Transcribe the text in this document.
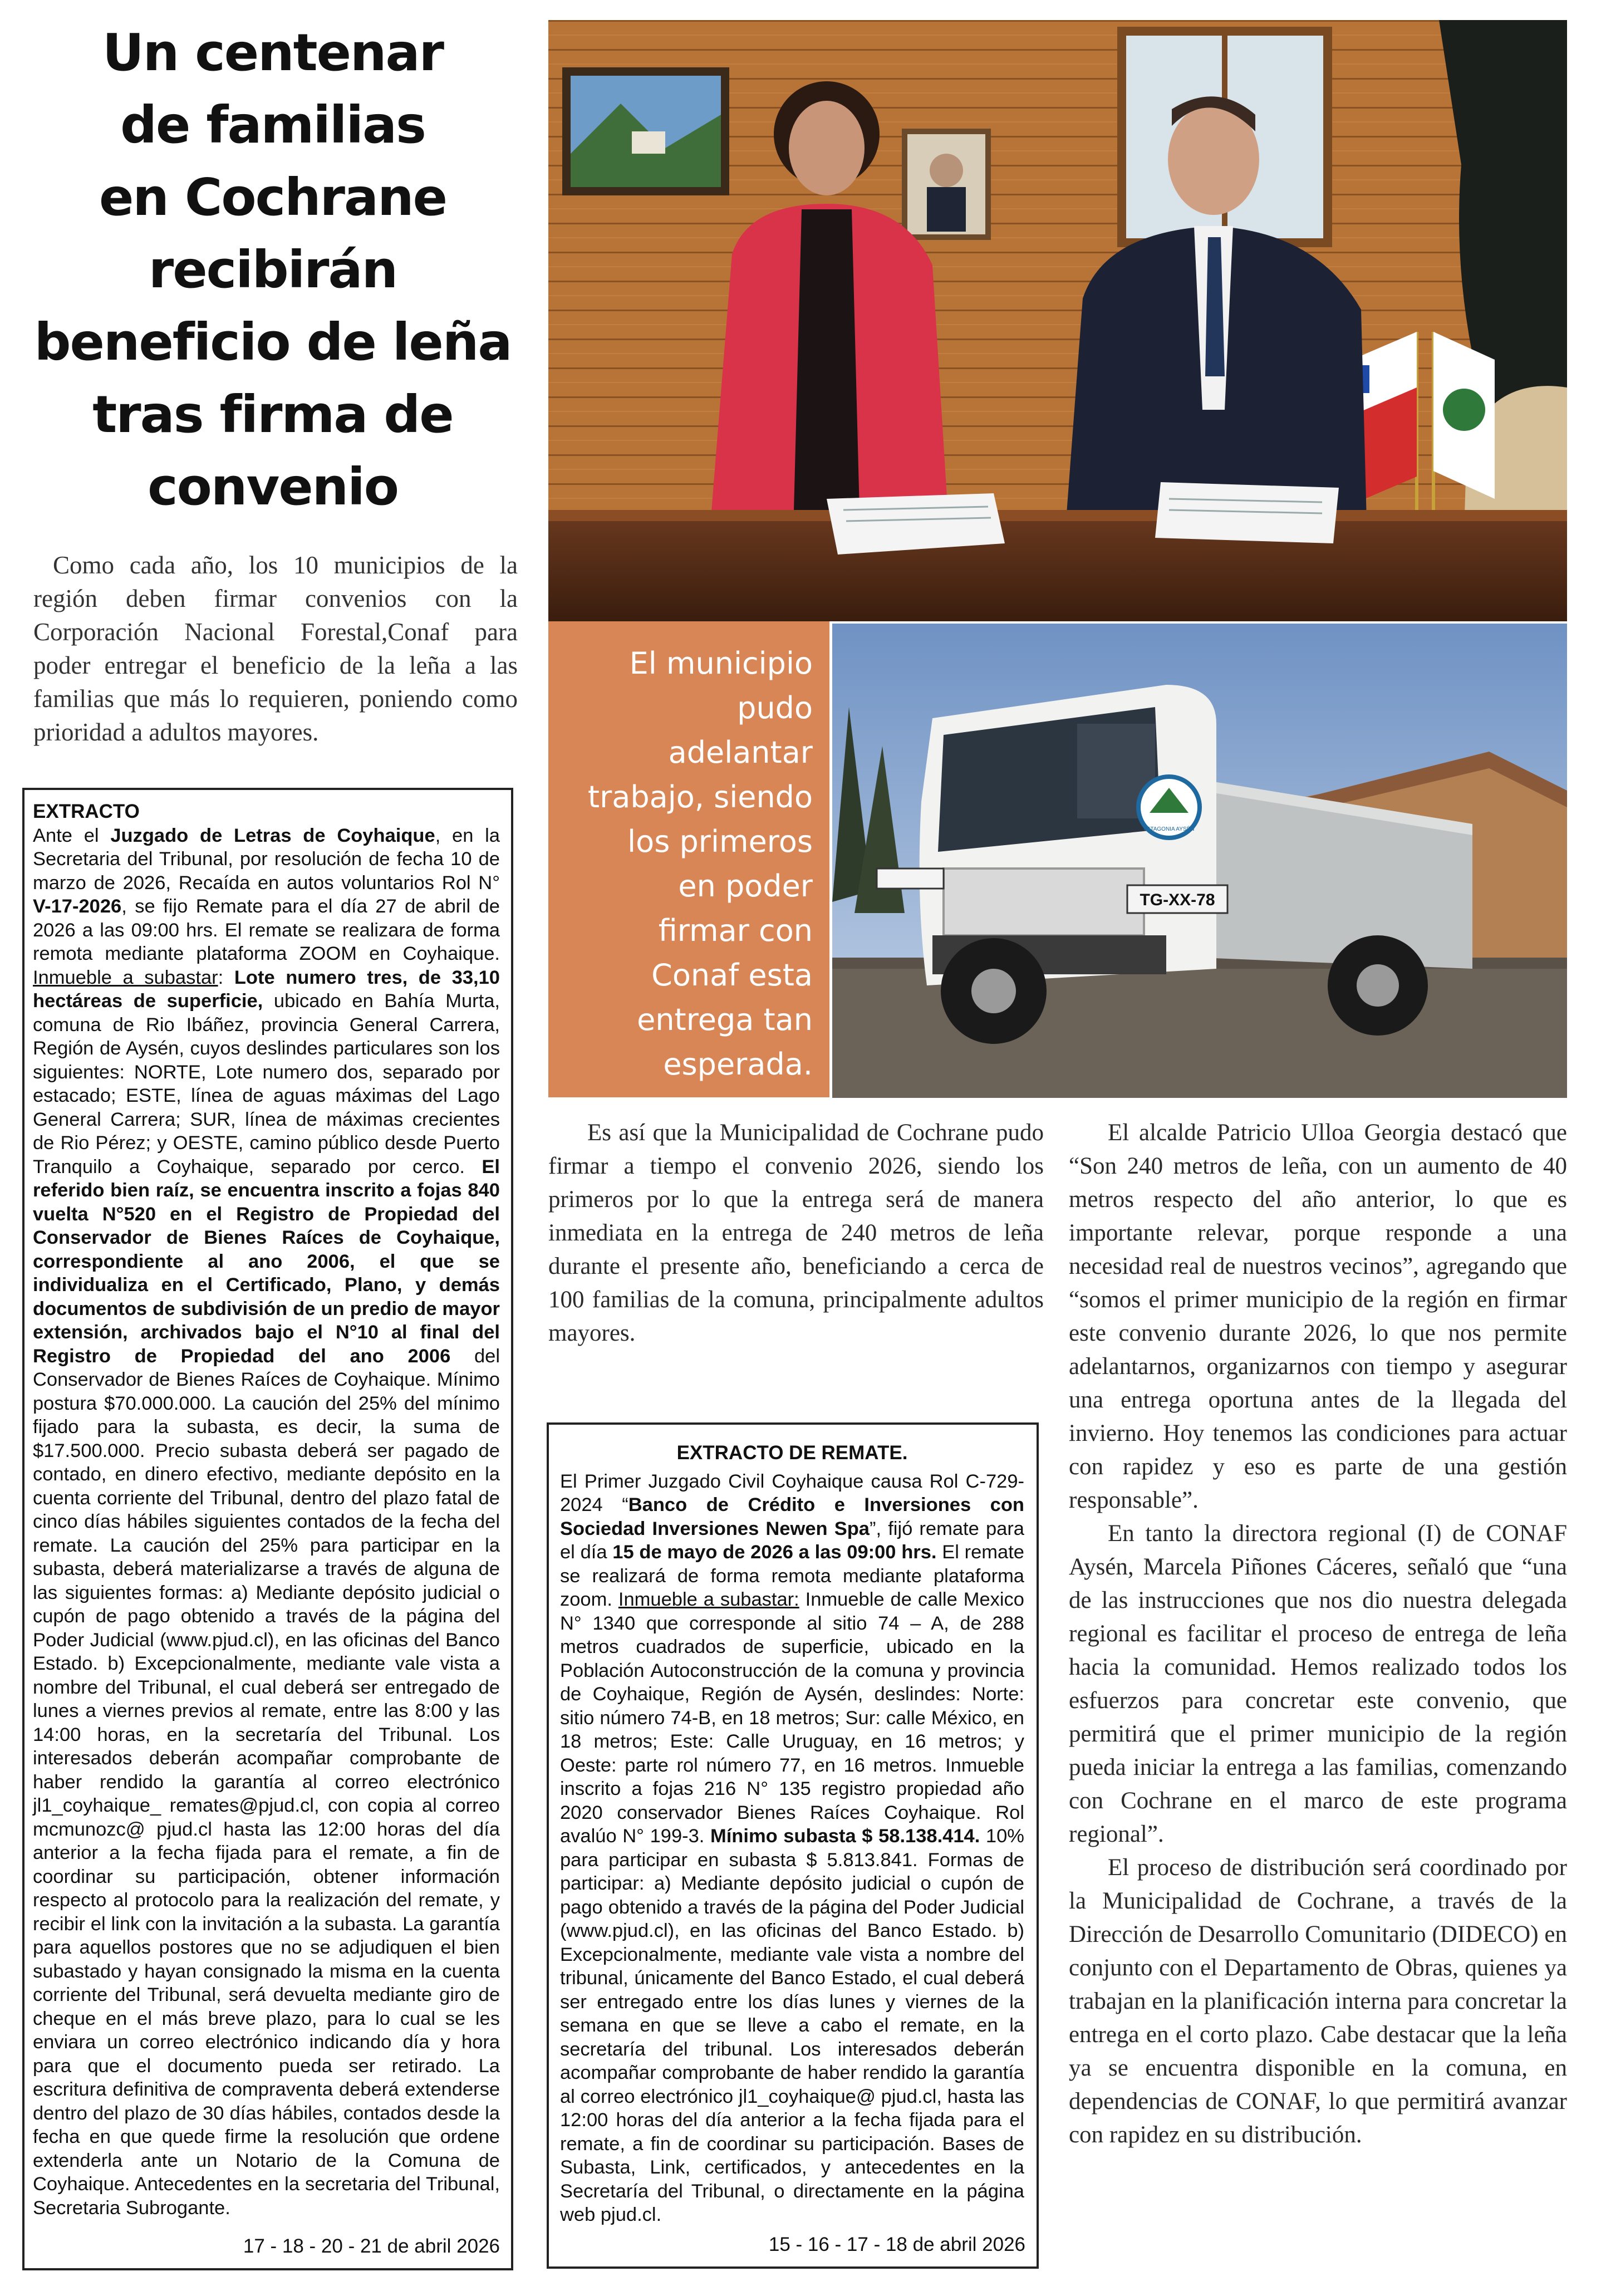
Un centenar
de familias
en Cochrane
recibirán
beneficio de leña
tras firma de
convenio
Como cada año, los 10 municipios de la región deben firmar convenios con la Corporación Nacional Forestal,Conaf para poder entregar el beneficio de la leña a las familias que más lo requieren, poniendo como prioridad a adultos mayores.
EXTRACTO
Ante el Juzgado de Letras de Coyhaique, en la Secretaria del Tribunal, por resolución de fecha 10 de marzo de 2026, Recaída en autos voluntarios Rol N° V-17-2026, se fijo Remate para el día 27 de abril de 2026 a las 09:00 hrs. El remate se realizara de forma remota mediante plataforma ZOOM en Coyhaique. Inmueble a subastar: Lote numero tres, de 33,10 hectáreas de superficie, ubicado en Bahía Murta, comuna de Rio Ibáñez, provincia General Carrera, Región de Aysén, cuyos deslindes particulares son los siguientes: NORTE, Lote numero dos, separado por estacado; ESTE, línea de aguas máximas del Lago General Carrera; SUR, línea de máximas crecientes de Rio Pérez; y OESTE, camino público desde Puerto Tranquilo a Coyhaique, separado por cerco. El referido bien raíz, se encuentra inscrito a fojas 840 vuelta N°520 en el Registro de Propiedad del Conservador de Bienes Raíces de Coyhaique, correspondiente al ano 2006, el que se individualiza en el Certificado, Plano, y demás documentos de subdivisión de un predio de mayor extensión, archivados bajo el N°10 al final del Registro de Propiedad del ano 2006 del Conservador de Bienes Raíces de Coyhaique. Mínimo postura $70.000.000. La caución del 25% del mínimo fijado para la subasta, es decir, la suma de $17.500.000. Precio subasta deberá ser pagado de contado, en dinero efectivo, mediante depósito en la cuenta corriente del Tribunal, dentro del plazo fatal de cinco días hábiles siguientes contados de la fecha del remate. La caución del 25% para participar en la subasta, deberá materializarse a través de alguna de las siguientes formas: a) Mediante depósito judicial o cupón de pago obtenido a través de la página del Poder Judicial (www.pjud.cl), en las oficinas del Banco Estado. b) Excepcionalmente, mediante vale vista a nombre del Tribunal, el cual deberá ser entregado de lunes a viernes previos al remate, entre las 8:00 y las 14:00 horas, en la secretaría del Tribunal. Los interesados deberán acompañar comprobante de haber rendido la garantía al correo electrónico jl1_coyhaique_ remates@pjud.cl, con copia al correo mcmunozc@ pjud.cl hasta las 12:00 horas del día anterior a la fecha fijada para el remate, a fin de coordinar su participación, obtener información respecto al protocolo para la realización del remate, y recibir el link con la invitación a la subasta. La garantía para aquellos postores que no se adjudiquen el bien subastado y hayan consignado la misma en la cuenta corriente del Tribunal, será devuelta mediante giro de cheque en el más breve plazo, para lo cual se les enviara un correo electrónico indicando día y hora para que el documento pueda ser retirado. La escritura definitiva de compraventa deberá extenderse dentro del plazo de 30 días hábiles, contados desde la fecha en que quede firme la resolución que ordene extenderla ante un Notario de la Comuna de Coyhaique. Antecedentes en la secretaria del Tribunal, Secretaria Subrogante.
17 - 18 - 20 - 21 de abril 2026
El municipio
pudo
adelantar
trabajo, siendo
los primeros
en poder
firmar con
Conaf esta
entrega tan
esperada.
PATAGONIA AYSÉN
TG-XX-78

Es así que la Municipalidad de Cochrane pudo firmar a tiempo el convenio 2026, siendo los primeros por lo que la entrega será de manera inmediata en la entrega de 240 metros de leña durante el presente año, beneficiando a cerca de 100 familias de la comuna, principalmente adultos mayores.

EXTRACTO DE REMATE.
El Primer Juzgado Civil Coyhaique causa Rol C-729-2024 “Banco de Crédito e Inversiones con Sociedad Inversiones Newen Spa”, fijó remate para el día 15 de mayo de 2026 a las 09:00 hrs. El remate se realizará de forma remota mediante plataforma zoom. Inmueble a subastar: Inmueble de calle Mexico N° 1340 que corresponde al sitio 74 – A, de 288 metros cuadrados de superficie, ubicado en la Población Autoconstrucción de la comuna y provincia de Coyhaique, Región de Aysén, deslindes: Norte: sitio número 74-B, en 18 metros; Sur: calle México, en 18 metros; Este: Calle Uruguay, en 16 metros; y Oeste: parte rol número 77, en 16 metros. Inmueble inscrito a fojas 216 N° 135 registro propiedad año 2020 conservador Bienes Raíces Coyhaique. Rol avalúo N° 199-3. Mínimo subasta $ 58.138.414. 10% para participar en subasta $ 5.813.841. Formas de participar: a) Mediante depósito judicial o cupón de pago obtenido a través de la página del Poder Judicial (www.pjud.cl), en las oficinas del Banco Estado. b) Excepcionalmente, mediante vale vista a nombre del tribunal, únicamente del Banco Estado, el cual deberá ser entregado entre los días lunes y viernes de la semana en que se lleve a cabo el remate, en la secretaría del tribunal. Los interesados deberán acompañar comprobante de haber rendido la garantía al correo electrónico jl1_coyhaique@ pjud.cl, hasta las 12:00 horas del día anterior a la fecha fijada para el remate, a fin de coordinar su participación. Bases de Subasta, Link, certificados, y antecedentes en la Secretaría del Tribunal, o directamente en la página web pjud.cl.
15 - 16 - 17 - 18 de abril 2026

El alcalde Patricio Ulloa Georgia destacó que “Son 240 metros de leña, con un aumento de 40 metros respecto del año anterior, lo que es importante relevar, porque responde a una necesidad real de nuestros vecinos”, agregando que “somos el primer municipio de la región en firmar este convenio durante 2026, lo que nos permite adelantarnos, organizarnos con tiempo y asegurar una entrega oportuna antes de la llegada del invierno. Hoy tenemos las condiciones para actuar con rapidez y eso es parte de una gestión responsable”.

En tanto la directora regional (I) de CONAF Aysén, Marcela Piñones Cáceres, señaló que “una de las instrucciones que nos dio nuestra delegada regional es facilitar el proceso de entrega de leña hacia la comunidad. Hemos realizado todos los esfuerzos para concretar este convenio, que permitirá que el primer municipio de la región pueda iniciar la entrega a las familias, comenzando con Cochrane en el marco de este programa regional”.

El proceso de distribución será coordinado por la Municipalidad de Cochrane, a través de la Dirección de Desarrollo Comunitario (DIDECO) en conjunto con el Departamento de Obras, quienes ya trabajan en la planificación interna para concretar la entrega en el corto plazo. Cabe destacar que la leña ya se encuentra disponible en la comuna, en dependencias de CONAF, lo que permitirá avanzar con rapidez en su distribución.
